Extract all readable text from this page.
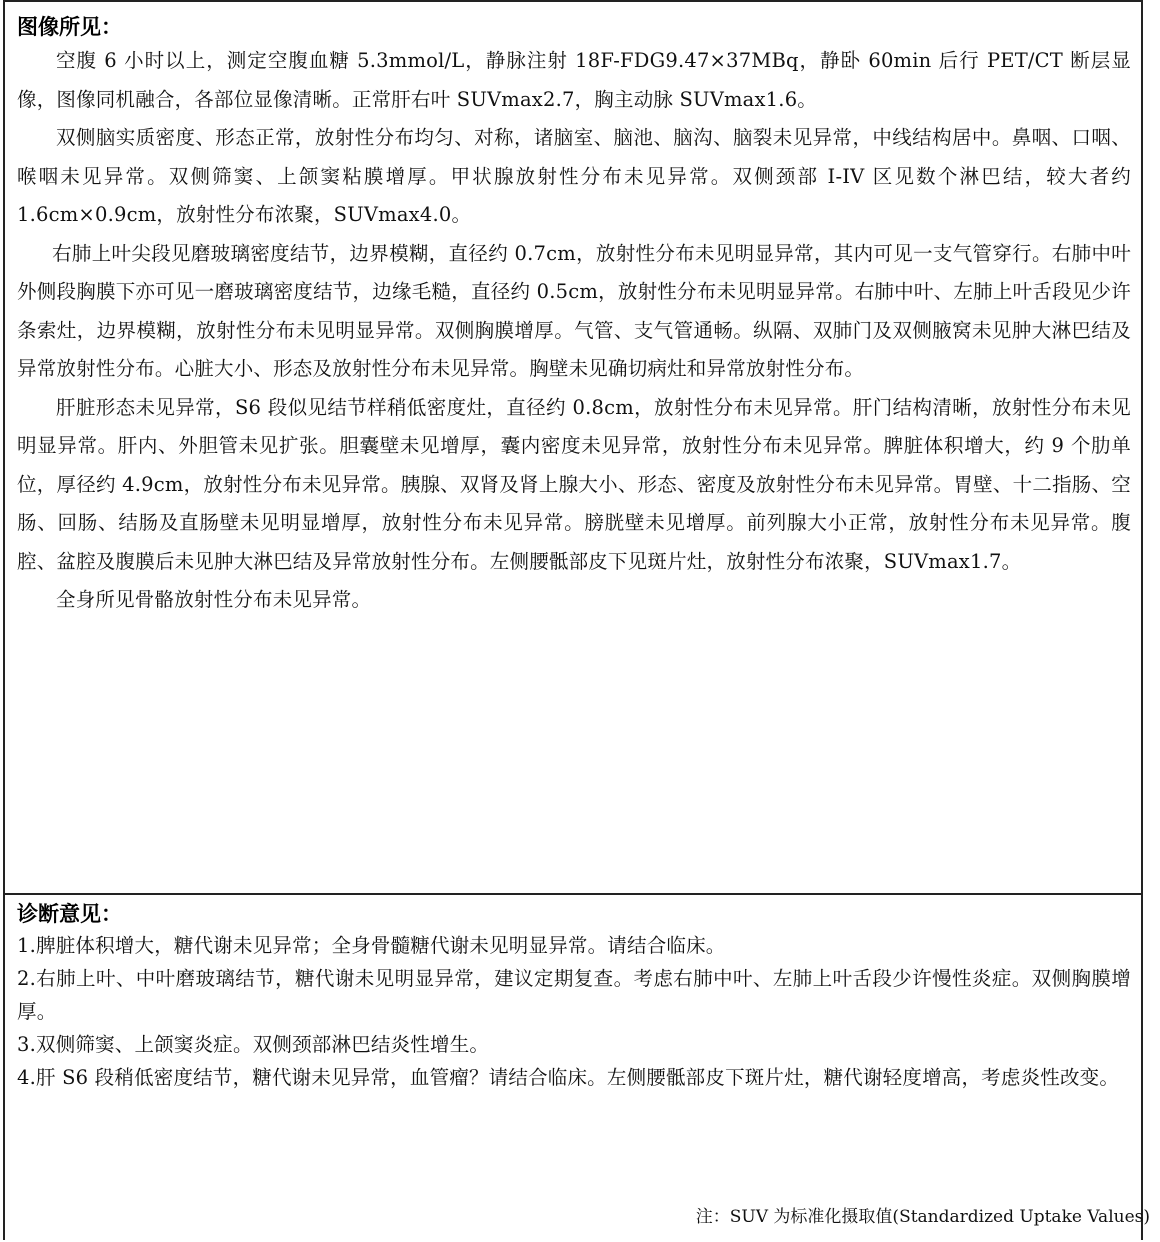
图像所见：

空腹 6 小时以上，测定空腹血糖 5.3mmol/L，静脉注射 18F-FDG9.47×37MBq，静卧 60min 后行 PET/CT 断层显像，图像同机融合，各部位显像清晰。正常肝右叶 SUVmax2.7，胸主动脉 SUVmax1.6。

双侧脑实质密度、形态正常，放射性分布均匀、对称，诸脑室、脑池、脑沟、脑裂未见异常，中线结构居中。鼻咽、口咽、喉咽未见异常。双侧筛窦、上颌窦粘膜增厚。甲状腺放射性分布未见异常。双侧颈部 I-IV 区见数个淋巴结，较大者约 1.6cm×0.9cm，放射性分布浓聚，SUVmax4.0。

右肺上叶尖段见磨玻璃密度结节，边界模糊，直径约 0.7cm，放射性分布未见明显异常，其内可见一支气管穿行。右肺中叶外侧段胸膜下亦可见一磨玻璃密度结节，边缘毛糙，直径约 0.5cm，放射性分布未见明显异常。右肺中叶、左肺上叶舌段见少许条索灶，边界模糊，放射性分布未见明显异常。双侧胸膜增厚。气管、支气管通畅。纵隔、双肺门及双侧腋窝未见肿大淋巴结及异常放射性分布。心脏大小、形态及放射性分布未见异常。胸壁未见确切病灶和异常放射性分布。

肝脏形态未见异常，S6 段似见结节样稍低密度灶，直径约 0.8cm，放射性分布未见异常。肝门结构清晰，放射性分布未见明显异常。肝内、外胆管未见扩张。胆囊壁未见增厚，囊内密度未见异常，放射性分布未见异常。脾脏体积增大，约 9 个肋单位，厚径约 4.9cm，放射性分布未见异常。胰腺、双肾及肾上腺大小、形态、密度及放射性分布未见异常。胃壁、十二指肠、空肠、回肠、结肠及直肠壁未见明显增厚，放射性分布未见异常。膀胱壁未见增厚。前列腺大小正常，放射性分布未见异常。腹腔、盆腔及腹膜后未见肿大淋巴结及异常放射性分布。左侧腰骶部皮下见斑片灶，放射性分布浓聚，SUVmax1.7。

全身所见骨骼放射性分布未见异常。

诊断意见：

1.脾脏体积增大，糖代谢未见异常；全身骨髓糖代谢未见明显异常。请结合临床。

2.右肺上叶、中叶磨玻璃结节，糖代谢未见明显异常，建议定期复查。考虑右肺中叶、左肺上叶舌段少许慢性炎症。双侧胸膜增厚。

3.双侧筛窦、上颌窦炎症。双侧颈部淋巴结炎性增生。

4.肝 S6 段稍低密度结节，糖代谢未见异常，血管瘤？请结合临床。左侧腰骶部皮下斑片灶，糖代谢轻度增高，考虑炎性改变。

注：SUV 为标准化摄取值(Standardized Uptake Values)
